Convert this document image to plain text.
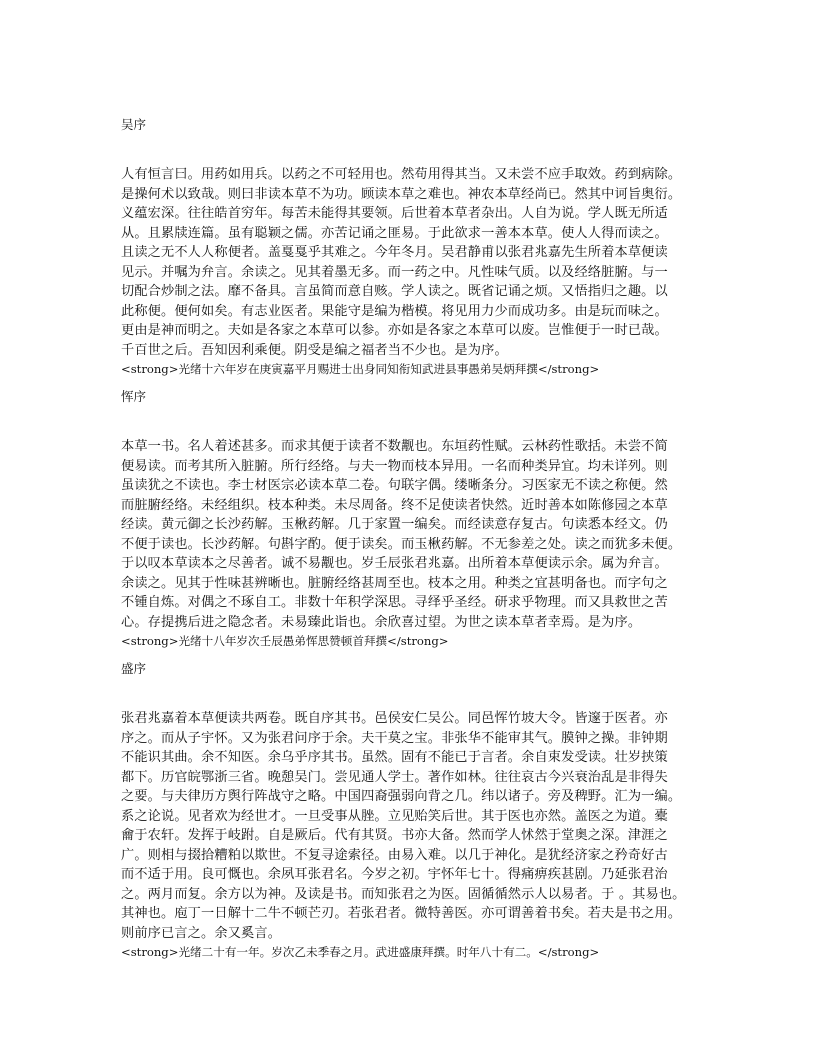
吴序
人有恒言曰。用药如用兵。以药之不可轻用也。然苟用得其当。又未尝不应手取效。药到病除。
是操何术以致哉。则曰非读本草不为功。顾读本草之难也。神农本草经尚已。然其中诃旨奥衍。
义蕴宏深。往往皓首穷年。每苦未能得其要领。后世着本草者杂出。人自为说。学人既无所适
从。且累牍连篇。虽有聪颖之儒。亦苦记诵之匪易。于此欲求一善本本草。使人人得而读之。
且读之无不人人称便者。盖戛戛乎其难之。今年冬月。吴君静甫以张君兆嘉先生所着本草便读
见示。并嘱为弁言。余读之。见其着墨无多。而一药之中。凡性味气质。以及经络脏腑。与一
切配合炒制之法。靡不备具。言虽简而意自赅。学人读之。既省记诵之烦。又悟指归之趣。以
此称便。便何如矣。有志业医者。果能守是编为楷模。将见用力少而成功多。由是玩而味之。
更由是神而明之。夫如是各家之本草可以参。亦如是各家之本草可以废。岂惟便于一时已哉。
千百世之后。吾知因利乘便。阴受是编之福者当不少也。是为序。
<strong>光绪十六年岁在庚寅嘉平月赐进士出身同知衔知武进县事愚弟吴炳拜撰</strong>
恽序
本草一书。名人着述甚多。而求其便于读者不数觏也。东垣药性赋。云林药性歌括。未尝不简
便易读。而考其所入脏腑。所行经络。与夫一物而枝本异用。一名而种类异宜。均未详列。则
虽读犹之不读也。李士材医宗必读本草二卷。句联字偶。缕晰条分。习医家无不读之称便。然
而脏腑经络。未经组织。枝本种类。未尽周备。终不足使读者快然。近时善本如陈修园之本草
经读。黄元御之长沙药解。玉楸药解。几于家置一编矣。而经读意存复古。句读悉本经文。仍
不便于读也。长沙药解。句斟字酌。便于读矣。而玉楸药解。不无参差之处。读之而犹多未便。
于以叹本草读本之尽善者。诚不易觏也。岁壬辰张君兆嘉。出所着本草便读示余。属为弁言。
余读之。见其于性味甚辨晰也。脏腑经络甚周至也。枝本之用。种类之宜甚明备也。而字句之
不锺自炼。对偶之不琢自工。非数十年积学深思。寻绎乎圣经。研求乎物理。而又具救世之苦
心。存提携后进之隐念者。未易臻此诣也。余欣喜过望。为世之读本草者幸焉。是为序。
<strong>光绪十八年岁次壬辰愚弟恽思赞顿首拜撰</strong>
盛序
张君兆嘉着本草便读共两卷。既自序其书。邑侯安仁吴公。同邑恽竹坡大令。皆邃于医者。亦
序之。而从子宇怀。又为张君问序于余。夫干莫之宝。非张华不能审其气。膜钟之操。非钟期
不能识其曲。余不知医。余乌乎序其书。虽然。固有不能已于言者。余自束发受读。壮岁挟策
都下。历官皖鄂浙三省。晚憩吴门。尝见通人学士。著作如林。往往哀古今兴衰治乱是非得失
之要。与夫律历方舆行阵战守之略。中国四裔强弱向背之几。纬以诸子。旁及稗野。汇为一编。
系之论说。见者欢为经世才。一旦受事从脞。立见贻笑后世。其于医也亦然。盖医之为道。橐
龠于农轩。发挥于岐跗。自是厥后。代有其贤。书亦大备。然而学人怵然于堂奥之深。津涯之
广。则相与掇拾糟粕以欺世。不复寻途索径。由易入难。以几于神化。是犹经济家之矜奇好古
而不适于用。良可慨也。余夙耳张君名。今岁之初。宇怀年七十。得痛痹疾甚剧。乃延张君治
之。两月而复。余方以为神。及读是书。而知张君之为医。固循循然示人以易者。于 。其易也。
其神也。庖丁一日解十二牛不顿芒刃。若张君者。微特善医。亦可谓善着书矣。若夫是书之用。
则前序已言之。余又奚言。
<strong>光绪二十有一年。岁次乙未季春之月。武进盛康拜撰。时年八十有二。</strong>
